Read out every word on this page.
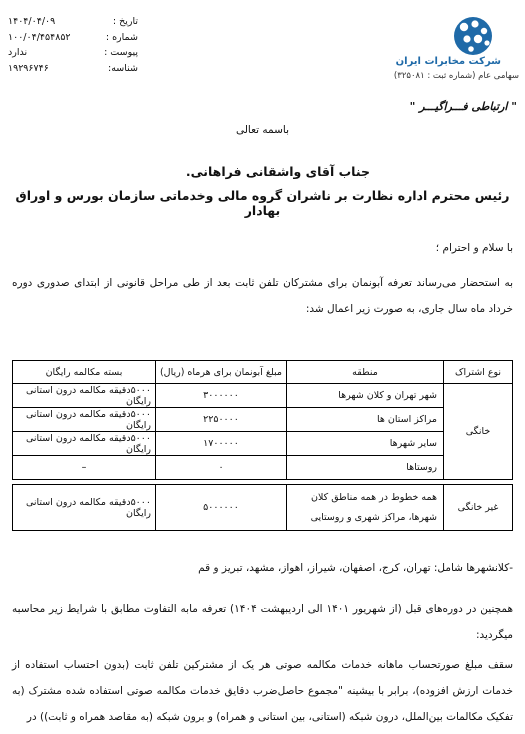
۱۴۰۴/۰۴/۰۹	تاریخ :
۱۰۰/۰۴/۴۵۴۸۵۲	شماره :
ندارد	پیوست :
۱۹۲۹۶۷۴۶	شناسه:
شرکت مخابرات ایران
سهامی عام (شماره ثبت : ۳۲۵۰۸۱)
" ارتباطی فـــراگیـــر "
باسمه تعالی
جناب آقای واشقانی فراهانی.
رئیس محترم اداره نظارت بر ناشران گروه مالی وخدماتی سازمان بورس و اوراق بهادار
با سلام و احترام ؛
به استحضار می‌رساند تعرفه آبونمان برای مشترکان تلفن ثابت بعد از طی مراحل قانونی از ابتدای صدوری دوره خرداد ماه سال جاری، به صورت زیر اعمال شد:
نوع اشتراک	منطقه	مبلغ آبونمان برای هرماه (ریال)	بسته مکالمه رایگان
خانگی	شهر تهران و کلان شهرها	۳۰۰۰۰۰۰	۵۰۰۰دقیقه مکالمه درون استانی رایگان
	مراکز استان ها	۲۲۵۰۰۰۰	۵۰۰۰دقیقه مکالمه درون استانی رایگان
	سایر شهرها	۱۷۰۰۰۰۰	۵۰۰۰دقیقه مکالمه درون استانی رایگان
	روستاها	۰	–

غیر خانگی	همه خطوط در همه مناطق کلان شهرها، مراکز شهری و روستایی	۵۰۰۰۰۰۰	۵۰۰۰دقیقه مکالمه درون استانی رایگان
-کلانشهرها شامل: تهران، کرج، اصفهان، شیراز، اهواز، مشهد، تبریز و قم
همچنین در دوره‌های قبل (از شهریور ۱۴۰۱ الی اردیبهشت ۱۴۰۴) تعرفه مابه التفاوت مطابق با شرایط زیر محاسبه میگردید:
سقف مبلغ صورتحساب ماهانه خدمات مکالمه صوتی هر یک از مشترکین تلفن ثابت (بدون احتساب استفاده از خدمات ارزش افزوده)، برابر با بیشینه "مجموع حاصل‌ضرب دقایق خدمات مکالمه صوتی استفاده شده مشترک (به تفکیک مکالمات بین‌الملل، درون شبکه (استانی، بین استانی و همراه) و برون شبکه (به مقاصد همراه و ثابت)) در
